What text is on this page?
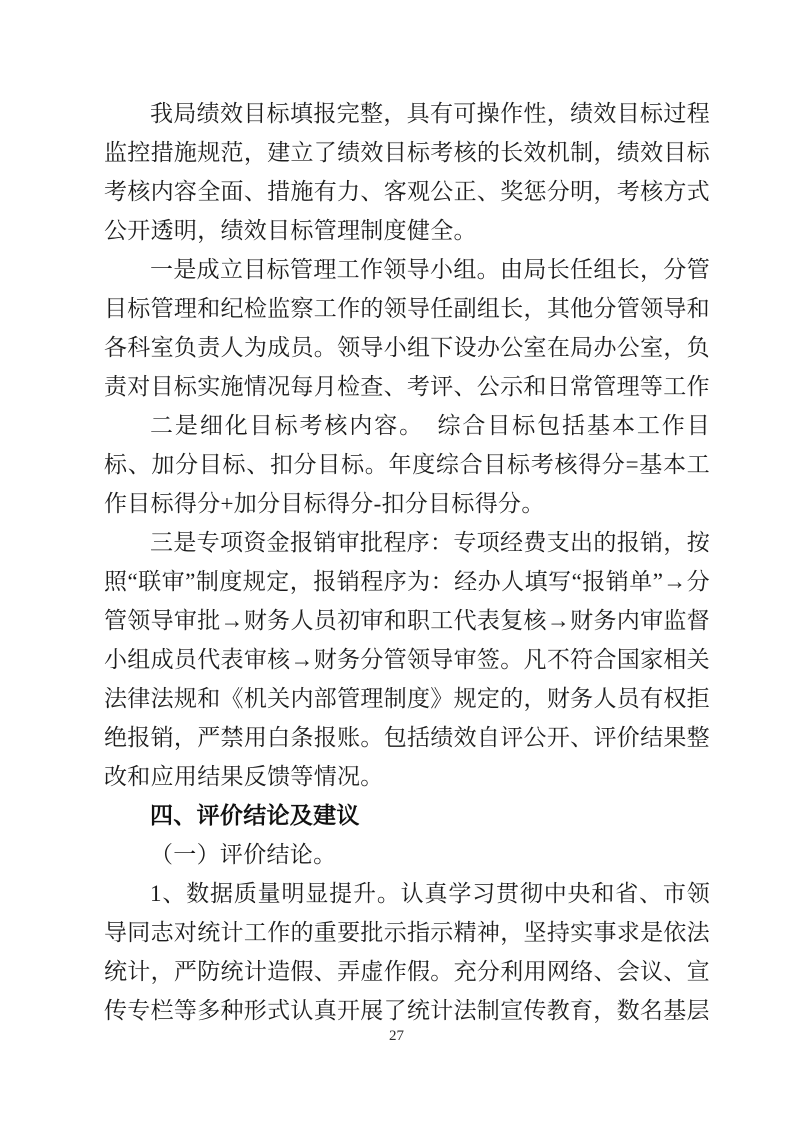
我局绩效目标填报完整，具有可操作性，绩效目标过程监控措施规范，建立了绩效目标考核的长效机制，绩效目标考核内容全面、措施有力、客观公正、奖惩分明，考核方式公开透明，绩效目标管理制度健全。

一是成立目标管理工作领导小组。由局长任组长，分管目标管理和纪检监察工作的领导任副组长，其他分管领导和各科室负责人为成员。领导小组下设办公室在局办公室，负责对目标实施情况每月检查、考评、公示和日常管理等工作

二是细化目标考核内容。　综合目标包括基本工作目标、加分目标、扣分目标。年度综合目标考核得分=基本工作目标得分+加分目标得分-扣分目标得分。

三是专项资金报销审批程序：专项经费支出的报销，按照“联审”制度规定，报销程序为：经办人填写“报销单”→分管领导审批→财务人员初审和职工代表复核→财务内审监督小组成员代表审核→财务分管领导审签。凡不符合国家相关法律法规和《机关内部管理制度》规定的，财务人员有权拒绝报销，严禁用白条报账。包括绩效自评公开、评价结果整改和应用结果反馈等情况。

四、评价结论及建议

（一）评价结论。

1、数据质量明显提升。认真学习贯彻中央和省、市领导同志对统计工作的重要批示指示精神，坚持实事求是依法统计，严防统计造假、弄虚作假。充分利用网络、会议、宣传专栏等多种形式认真开展了统计法制宣传教育，数名基层

27
